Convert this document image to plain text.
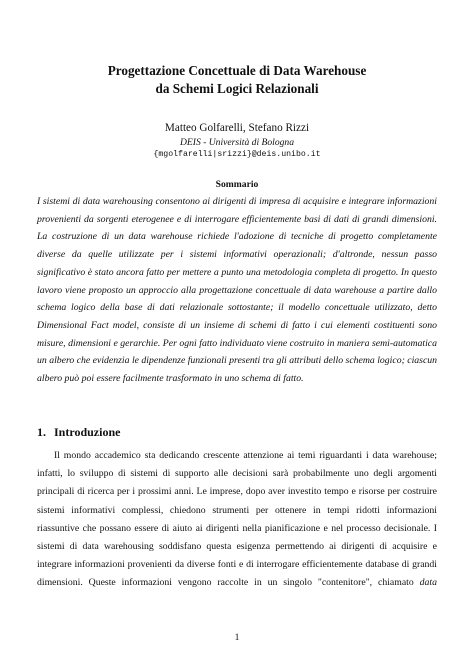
Progettazione Concettuale di Data Warehouse
da Schemi Logici Relazionali
Matteo Golfarelli, Stefano Rizzi
DEIS - Università di Bologna
{mgolfarelli|srizzi}@deis.unibo.it
Sommario
I sistemi di data warehousing consentono ai dirigenti di impresa di acquisire e integrare informazioni
provenienti da sorgenti eterogenee e di interrogare efficientemente basi di dati di grandi dimensioni.
La costruzione di un data warehouse richiede l'adozione di tecniche di progetto completamente
diverse da quelle utilizzate per i sistemi informativi operazionali; d'altronde, nessun passo
significativo è stato ancora fatto per mettere a punto una metodologia completa di progetto. In questo
lavoro viene proposto un approccio alla progettazione concettuale di data warehouse a partire dallo
schema logico della base di dati relazionale sottostante; il modello concettuale utilizzato, detto
Dimensional Fact model, consiste di un insieme di schemi di fatto i cui elementi costituenti sono
misure, dimensioni e gerarchie. Per ogni fatto individuato viene costruito in maniera semi-automatica
un albero che evidenzia le dipendenze funzionali presenti tra gli attributi dello schema logico; ciascun
albero può poi essere facilmente trasformato in uno schema di fatto.
1. Introduzione
Il mondo accademico sta dedicando crescente attenzione ai temi riguardanti i data warehouse;
infatti, lo sviluppo di sistemi di supporto alle decisioni sarà probabilmente uno degli argomenti
principali di ricerca per i prossimi anni. Le imprese, dopo aver investito tempo e risorse per costruire
sistemi informativi complessi, chiedono strumenti per ottenere in tempi ridotti informazioni
riassuntive che possano essere di aiuto ai dirigenti nella pianificazione e nel processo decisionale. I
sistemi di data warehousing soddisfano questa esigenza permettendo ai dirigenti di acquisire e
integrare informazioni provenienti da diverse fonti e di interrogare efficientemente database di grandi
dimensioni. Queste informazioni vengono raccolte in un singolo "contenitore", chiamato data
1
